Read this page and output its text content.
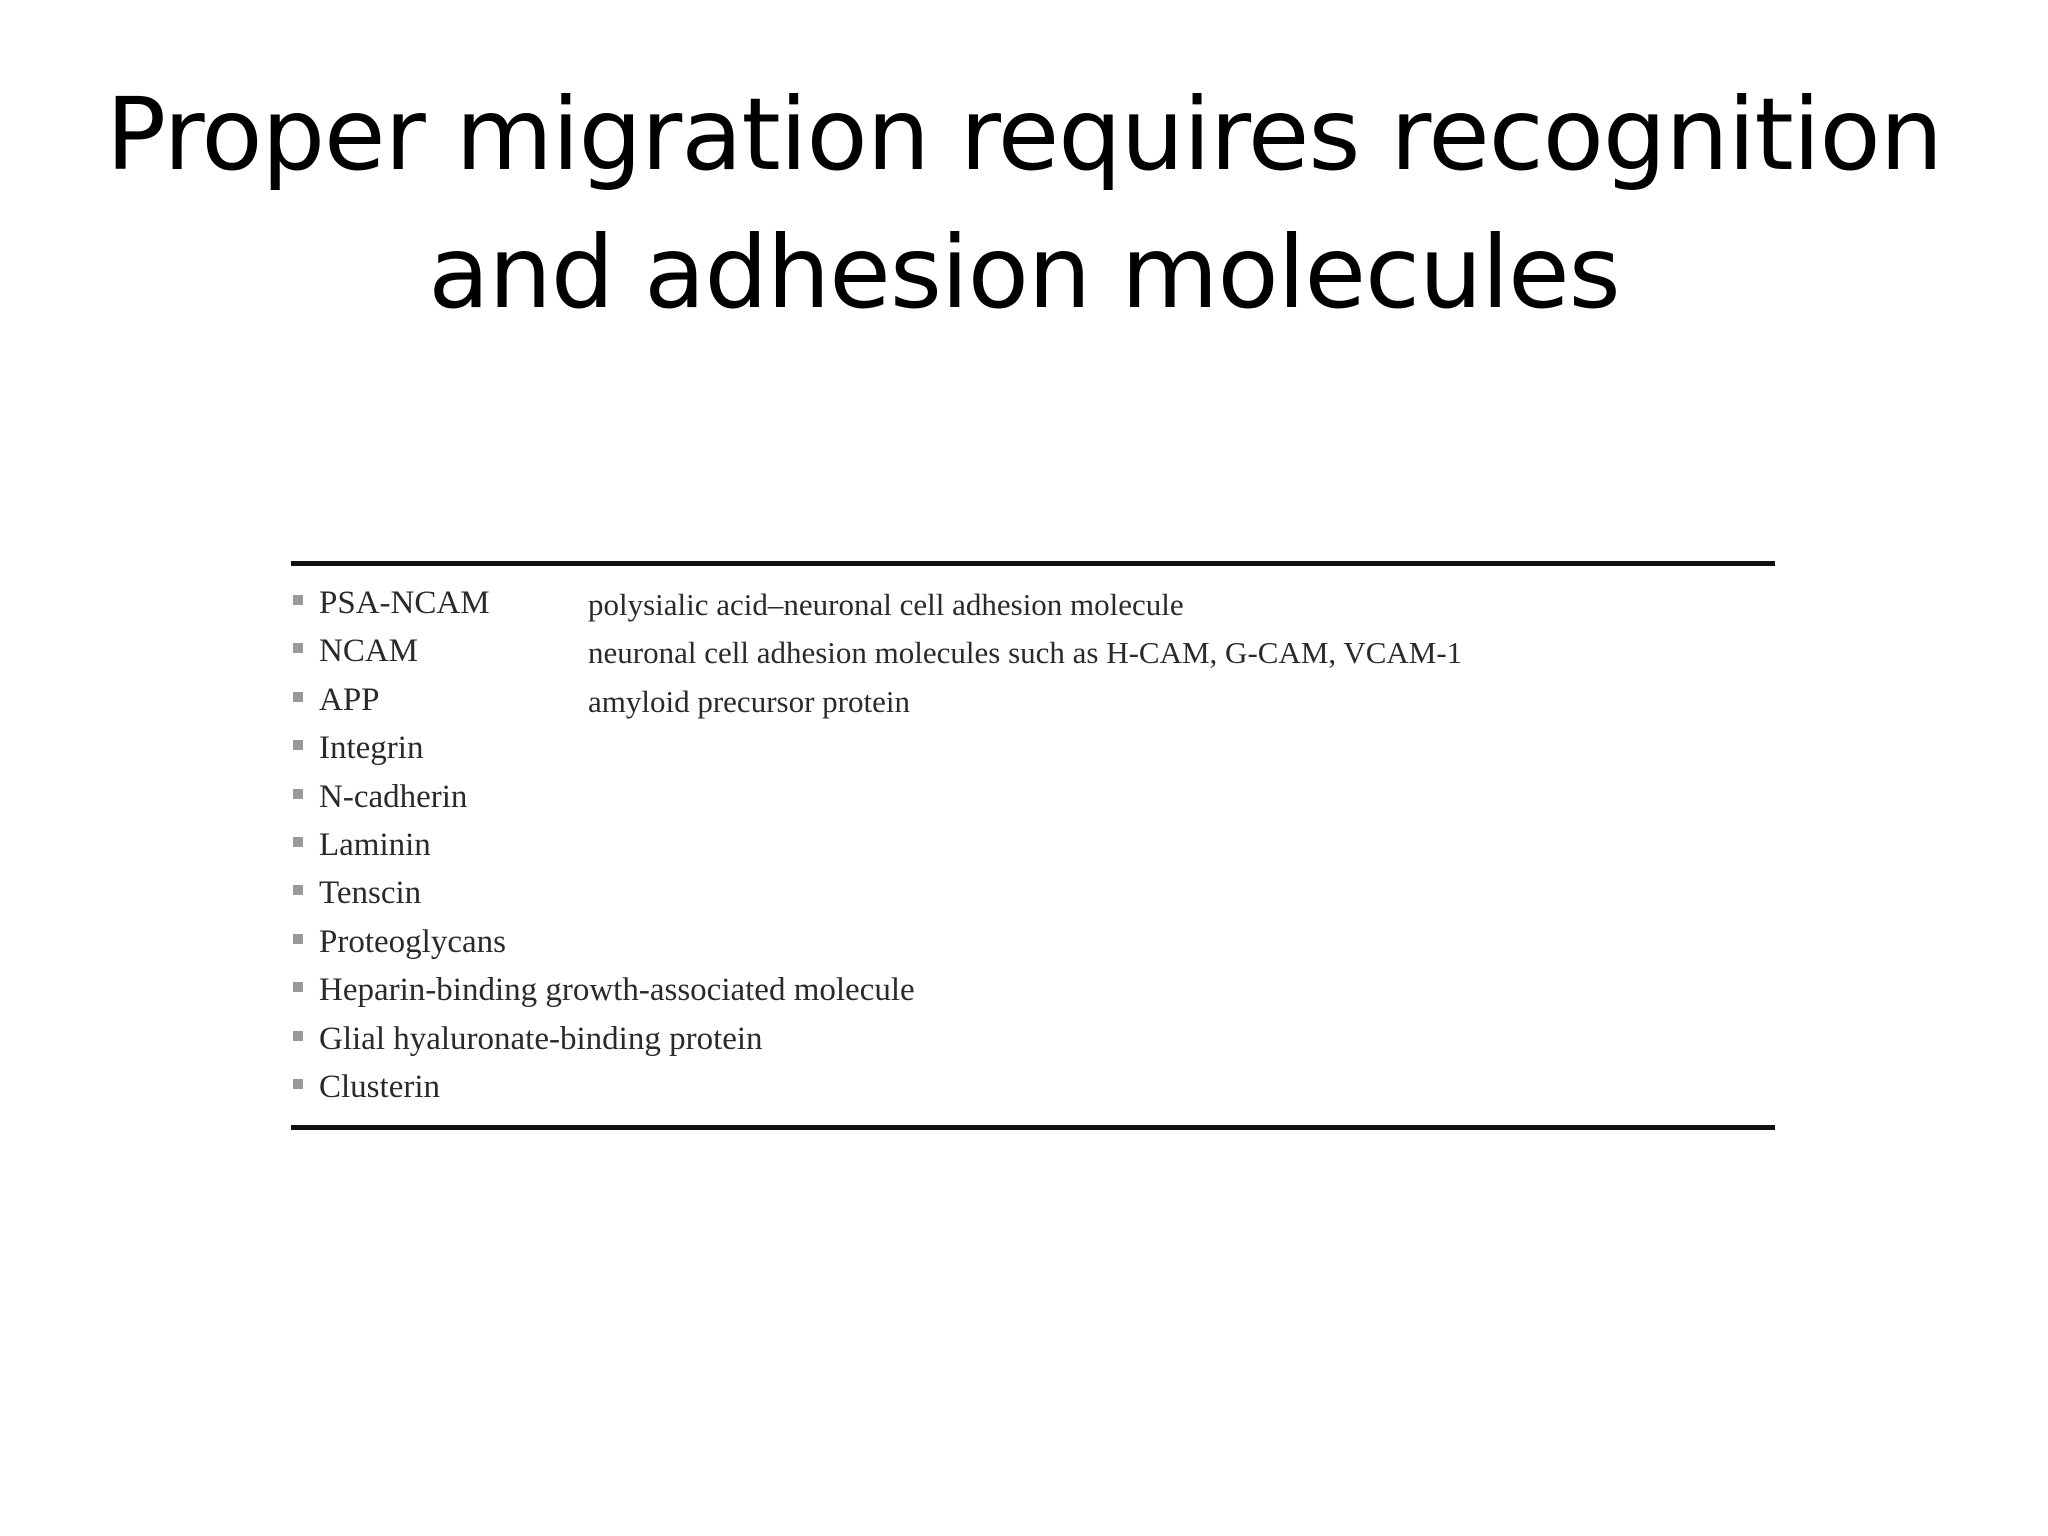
Proper migration requires recognition
and adhesion molecules
PSA-NCAM	polysialic acid–neuronal cell adhesion molecule
NCAM	neuronal cell adhesion molecules such as H-CAM, G-CAM, VCAM-1
APP	amyloid precursor protein
Integrin
N-cadherin
Laminin
Tenscin
Proteoglycans
Heparin-binding growth-associated molecule
Glial hyaluronate-binding protein
Clusterin
